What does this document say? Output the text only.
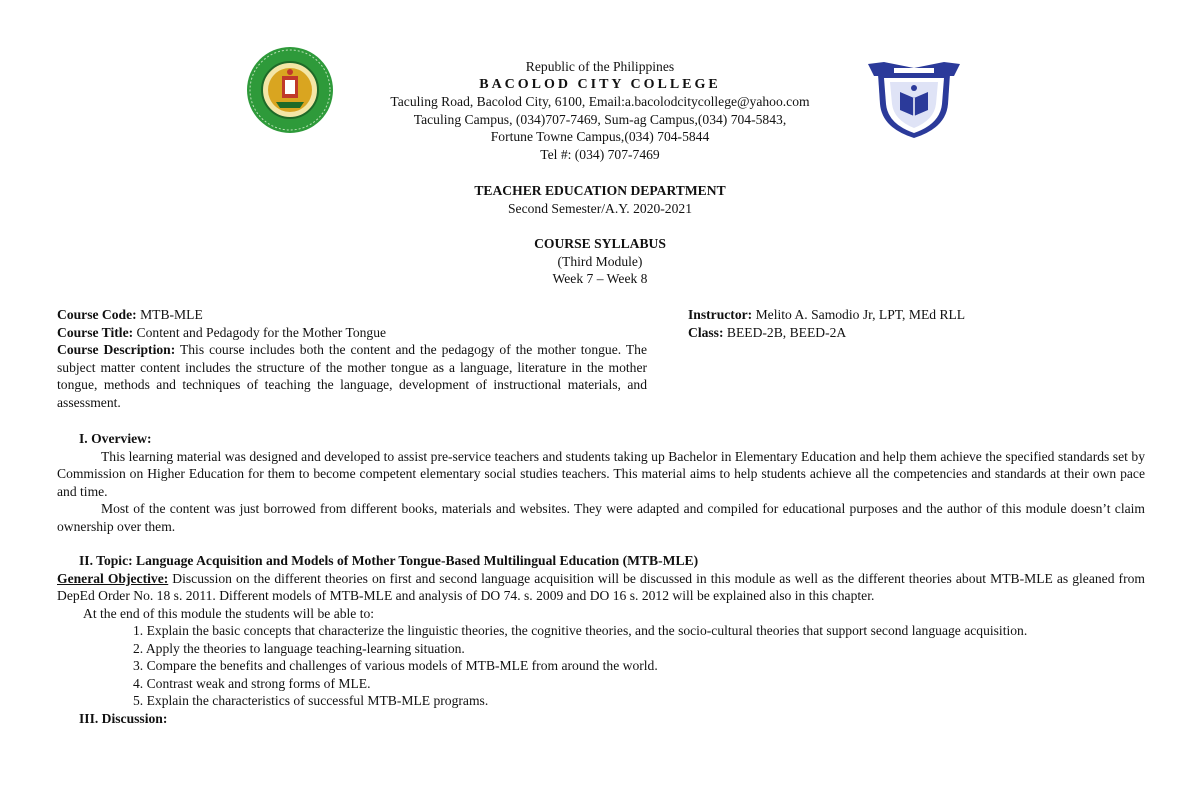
Republic of the Philippines
BACOLOD CITY COLLEGE
Taculing Road, Bacolod City, 6100, Email:a.bacolodcitycollege@yahoo.com
Taculing Campus, (034)707-7469, Sum-ag Campus,(034) 704-5843,
Fortune Towne Campus,(034) 704-5844
Tel #: (034) 707-7469
TEACHER EDUCATION DEPARTMENT
Second Semester/A.Y. 2020-2021
COURSE SYLLABUS
(Third Module)
Week 7 – Week 8
Course Code: MTB-MLE
Course Title: Content and Pedagody for the Mother Tongue
Course Description: This course includes both the content and the pedagogy of the mother tongue. The subject matter content includes the structure of the mother tongue as a language, literature in the mother tongue, methods and techniques of teaching the language, development of instructional materials, and assessment.
Instructor: Melito A. Samodio Jr, LPT, MEd RLL
Class: BEED-2B, BEED-2A
I. Overview:

This learning material was designed and developed to assist pre-service teachers and students taking up Bachelor in Elementary Education and help them achieve the specified standards set by Commission on Higher Education for them to become competent elementary social studies teachers. This material aims to help students achieve all the competencies and standards at their own pace and time.

Most of the content was just borrowed from different books, materials and websites. They were adapted and compiled for educational purposes and the author of this module doesn’t claim ownership over them.

II. Topic: Language Acquisition and Models of Mother Tongue-Based Multilingual Education (MTB-MLE)

General Objective: Discussion on the different theories on first and second language acquisition will be discussed in this module as well as the different theories about MTB-MLE as gleaned from DepEd Order No. 18 s. 2011. Different models of MTB-MLE and analysis of DO 74. s. 2009 and DO 16 s. 2012 will be explained also in this chapter.

At the end of this module the students will be able to:
1. Explain the basic concepts that characterize the linguistic theories, the cognitive theories, and the socio-cultural theories that support second language acquisition.
2. Apply the theories to language teaching-learning situation.
3. Compare the benefits and challenges of various models of MTB-MLE from around the world.
4. Contrast weak and strong forms of MLE.
5. Explain the characteristics of successful MTB-MLE programs.
III. Discussion:
